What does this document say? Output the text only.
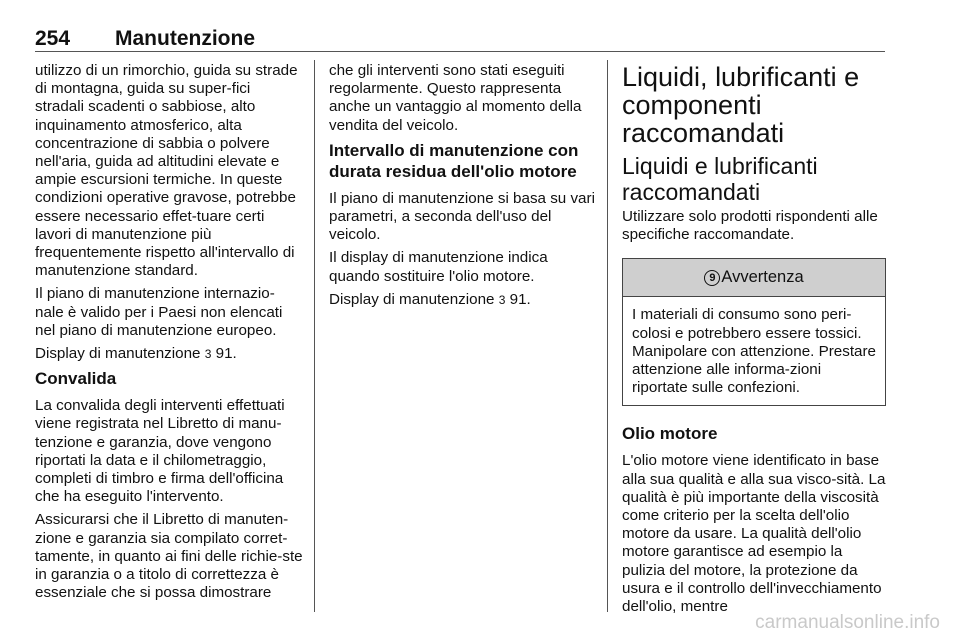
254 Manutenzione

utilizzo di un rimorchio, guida su strade di montagna, guida su super-fici stradali scadenti o sabbiose, alto inquinamento atmosferico, alta concentrazione di sabbia o polvere nell'aria, guida ad altitudini elevate e ampie escursioni termiche. In queste condizioni operative gravose, potrebbe essere necessario effet-tuare certi lavori di manutenzione più frequentemente rispetto all'intervallo di manutenzione standard.

Il piano di manutenzione internazio-nale è valido per i Paesi non elencati nel piano di manutenzione europeo.

Display di manutenzione 3 91.

Convalida

La convalida degli interventi effettuati viene registrata nel Libretto di manu-tenzione e garanzia, dove vengono riportati la data e il chilometraggio, completi di timbro e firma dell'officina che ha eseguito l'intervento.

Assicurarsi che il Libretto di manuten-zione e garanzia sia compilato corret-tamente, in quanto ai fini delle richie-ste in garanzia o a titolo di correttezza è essenziale che si possa dimostrare

che gli interventi sono stati eseguiti regolarmente. Questo rappresenta anche un vantaggio al momento della vendita del veicolo.

Intervallo di manutenzione con durata residua dell'olio motore

Il piano di manutenzione si basa su vari parametri, a seconda dell'uso del veicolo.

Il display di manutenzione indica quando sostituire l'olio motore.

Display di manutenzione 3 91.

Liquidi, lubrificanti e componenti raccomandati
Liquidi e lubrificanti raccomandati

Utilizzare solo prodotti rispondenti alle specifiche raccomandate.

9 Avvertenza
I materiali di consumo sono peri-colosi e potrebbero essere tossici. Manipolare con attenzione. Prestare attenzione alle informa-zioni riportate sulle confezioni.
Olio motore

L'olio motore viene identificato in base alla sua qualità e alla sua visco-sità. La qualità è più importante della viscosità come criterio per la scelta dell'olio motore da usare. La qualità dell'olio motore garantisce ad esempio la pulizia del motore, la protezione da usura e il controllo dell'invecchiamento dell'olio, mentre

carmanualsonline.info
